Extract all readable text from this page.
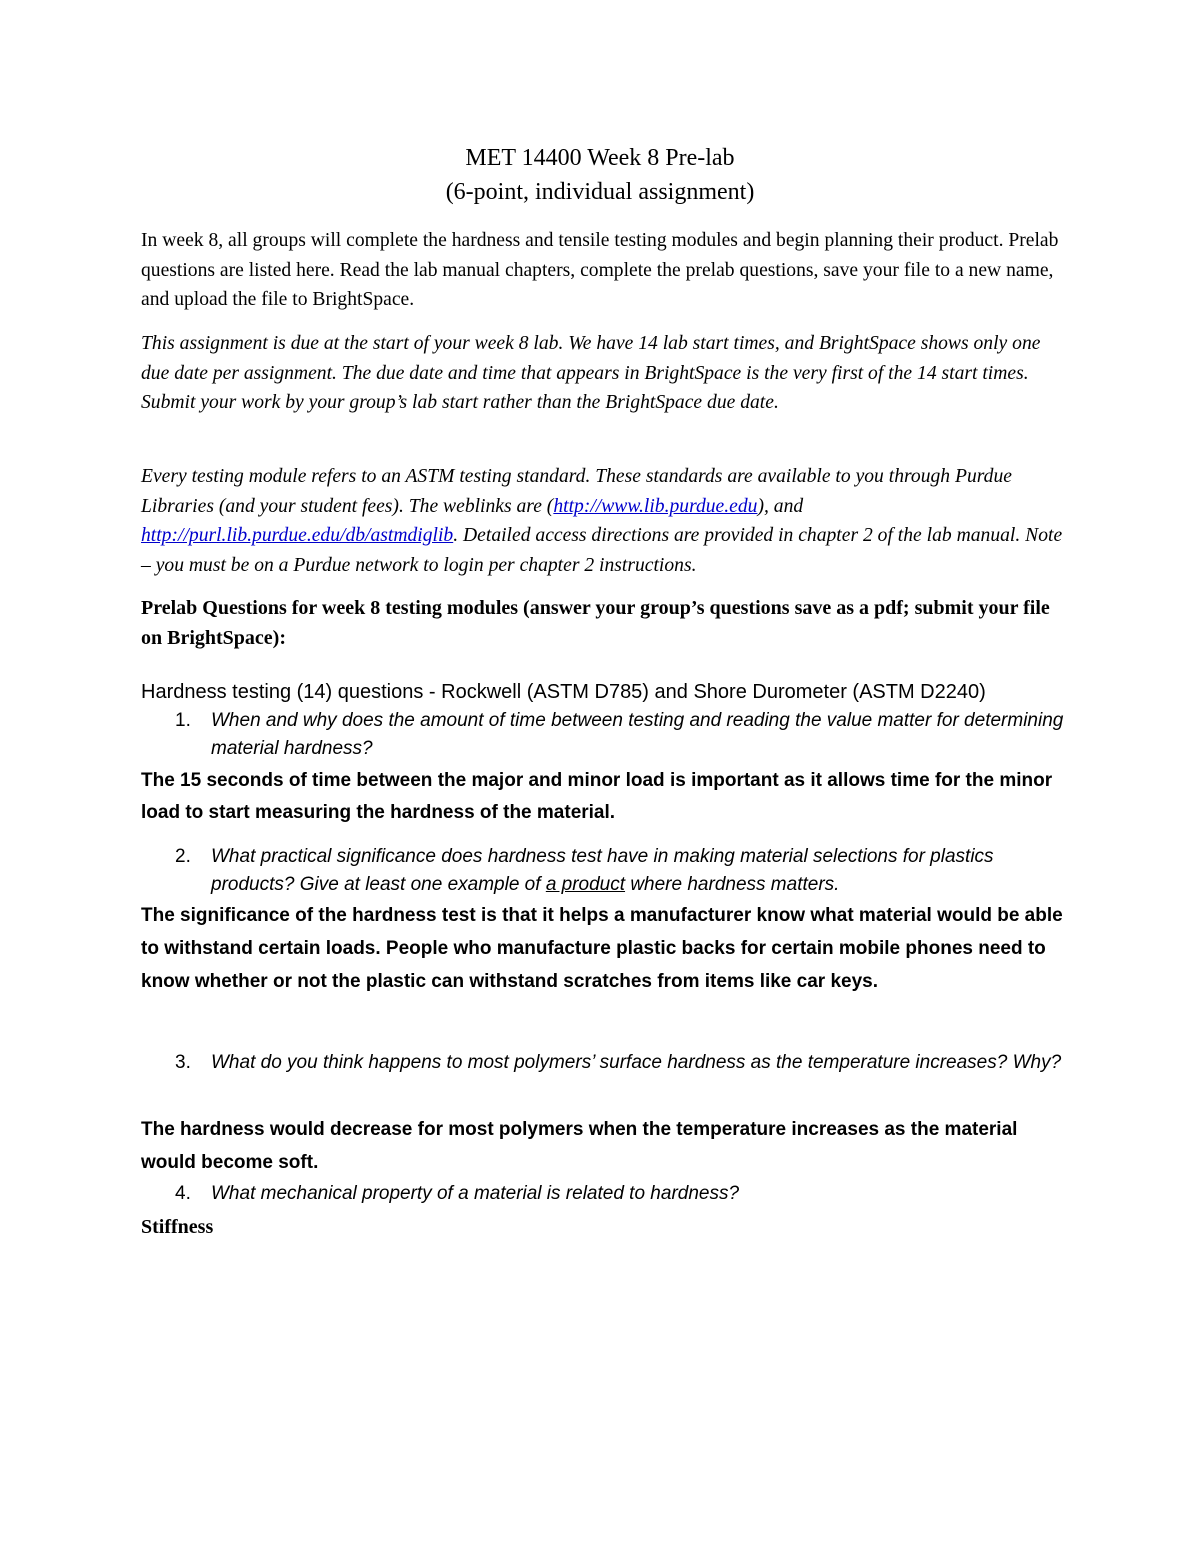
MET 14400 Week 8 Pre-lab
(6-point, individual assignment)

In week 8, all groups will complete the hardness and tensile testing modules and begin planning their product. Prelab questions are listed here. Read the lab manual chapters, complete the prelab questions, save your file to a new name, and upload the file to BrightSpace.

This assignment is due at the start of your week 8 lab. We have 14 lab start times, and BrightSpace shows only one due date per assignment. The due date and time that appears in BrightSpace is the very first of the 14 start times. Submit your work by your group’s lab start rather than the BrightSpace due date.

Every testing module refers to an ASTM testing standard. These standards are available to you through Purdue Libraries (and your student fees). The weblinks are (http://www.lib.purdue.edu), and http://purl.lib.purdue.edu/db/astmdiglib. Detailed access directions are provided in chapter 2 of the lab manual. Note – you must be on a Purdue network to login per chapter 2 instructions.

Prelab Questions for week 8 testing modules (answer your group’s questions save as a pdf; submit your file on BrightSpace):

Hardness testing (14) questions - Rockwell (ASTM D785) and Shore Durometer (ASTM D2240)

1. When and why does the amount of time between testing and reading the value matter for determining material hardness?
The 15 seconds of time between the major and minor load is important as it allows time for the minor load to start measuring the hardness of the material.
2. What practical significance does hardness test have in making material selections for plastics products? Give at least one example of a product where hardness matters.
The significance of the hardness test is that it helps a manufacturer know what material would be able to withstand certain loads. People who manufacture plastic backs for certain mobile phones need to know whether or not the plastic can withstand scratches from items like car keys.
3. What do you think happens to most polymers’ surface hardness as the temperature increases? Why?
The hardness would decrease for most polymers when the temperature increases as the material would become soft.
4. What mechanical property of a material is related to hardness?
Stiffness
